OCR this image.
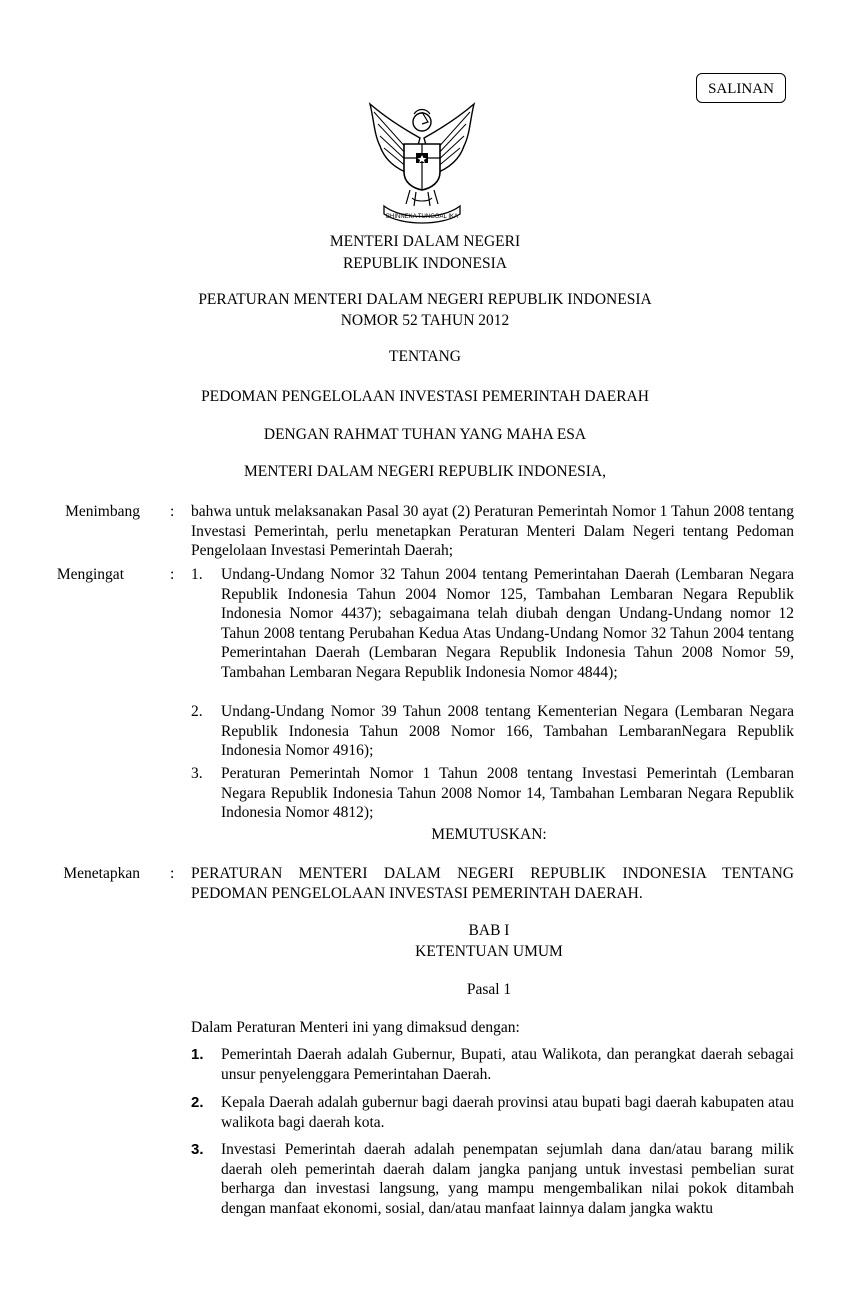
SALINAN
BHINNEKA TUNGGAL IKA
MENTERI DALAM NEGERI
REPUBLIK INDONESIA
PERATURAN MENTERI DALAM NEGERI REPUBLIK INDONESIA
NOMOR 52 TAHUN 2012
TENTANG
PEDOMAN PENGELOLAAN INVESTASI PEMERINTAH DAERAH
DENGAN RAHMAT TUHAN YANG MAHA ESA
MENTERI DALAM NEGERI REPUBLIK INDONESIA,
Menimbang : bahwa untuk melaksanakan Pasal 30 ayat (2) Peraturan Pemerintah Nomor 1 Tahun 2008 tentang Investasi Pemerintah, perlu menetapkan Peraturan Menteri Dalam Negeri tentang Pedoman Pengelolaan Investasi Pemerintah Daerah;

Mengingat	: 1. Undang-Undang Nomor 32 Tahun 2004 tentang Pemerintahan Daerah (Lembaran Negara Republik Indonesia Tahun 2004 Nomor 125, Tambahan Lembaran Negara Republik Indonesia Nomor 4437); sebagaimana telah diubah dengan Undang-Undang nomor 12 Tahun 2008 tentang Perubahan Kedua Atas Undang-Undang Nomor 32 Tahun 2004 tentang Pemerintahan Daerah (Lembaran Negara Republik Indonesia Tahun 2008 Nomor 59, Tambahan Lembaran Negara Republik Indonesia Nomor 4844);

2. Undang-Undang Nomor 39 Tahun 2008 tentang Kementerian Negara (Lembaran Negara Republik Indonesia Tahun 2008 Nomor 166, Tambahan LembaranNegara Republik Indonesia Nomor 4916);

3. Peraturan Pemerintah Nomor 1 Tahun 2008 tentang Investasi Pemerintah (Lembaran Negara Republik Indonesia Tahun 2008 Nomor 14, Tambahan Lembaran Negara Republik Indonesia Nomor 4812);

MEMUTUSKAN:
Menetapkan : PERATURAN MENTERI DALAM NEGERI REPUBLIK INDONESIA TENTANG PEDOMAN PENGELOLAAN INVESTASI PEMERINTAH DAERAH.

BAB I
KETENTUAN UMUM
Pasal 1

Dalam Peraturan Menteri ini yang dimaksud dengan:

1. Pemerintah Daerah adalah Gubernur, Bupati, atau Walikota, dan perangkat daerah sebagai unsur penyelenggara Pemerintahan Daerah.

2. Kepala Daerah adalah gubernur bagi daerah provinsi atau bupati bagi daerah kabupaten atau walikota bagi daerah kota.

3. Investasi Pemerintah daerah adalah penempatan sejumlah dana dan/atau barang milik daerah oleh pemerintah daerah dalam jangka panjang untuk investasi pembelian surat berharga dan investasi langsung, yang mampu mengembalikan nilai pokok ditambah dengan manfaat ekonomi, sosial, dan/atau manfaat lainnya dalam jangka waktu
